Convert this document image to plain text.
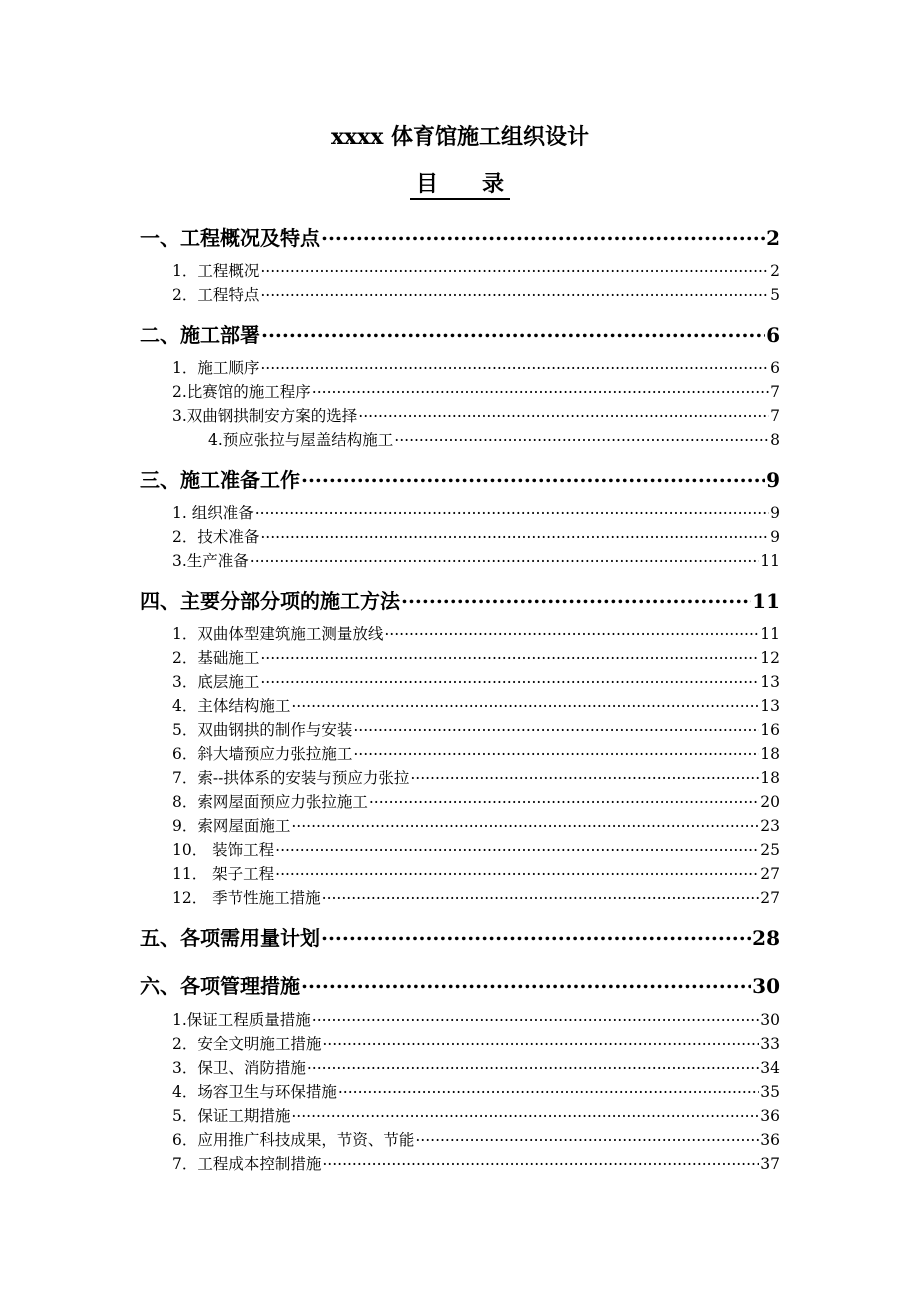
xxxx 体育馆施工组织设计
目　　录
一、工程概况及特点 .....	2
1．工程概况 .....	2
2．工程特点 .....	5
二、施工部署 .....	6
1．施工顺序 .....	6
2.比赛馆的施工程序 .....	7
3.双曲钢拱制安方案的选择 .....	7
4.预应张拉与屋盖结构施工 .....	8
三、施工准备工作 .....	9
1. 组织准备 .....	9
2．技术准备 .....	9
3.生产准备 .....	11
四、主要分部分项的施工方法 .....	11
1．双曲体型建筑施工测量放线 .....	11
2．基础施工 .....	12
3．底层施工 .....	13
4．主体结构施工 .....	13
5．双曲钢拱的制作与安装 .....	16
6．斜大墙预应力张拉施工 .....	18
7．索--拱体系的安装与预应力张拉 .....	18
8．索网屋面预应力张拉施工 .....	20
9．索网屋面施工 .....	23
10． 装饰工程 .....	25
11． 架子工程 .....	27
12． 季节性施工措施 .....	27
五、各项需用量计划 .....	28
六、各项管理措施 .....	30
1.保证工程质量措施 .....	30
2．安全文明施工措施 .....	33
3．保卫、消防措施 .....	34
4．场容卫生与环保措施 .....	35
5．保证工期措施 .....	36
6．应用推广科技成果，节资、节能 .....	36
7．工程成本控制措施 .....	37
